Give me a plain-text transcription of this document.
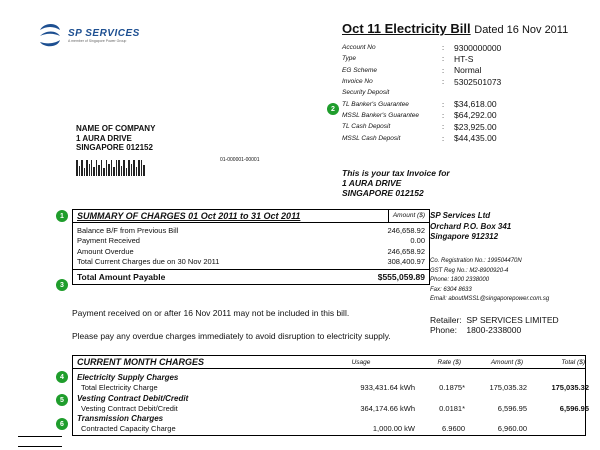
SP SERVICES
A member of Singapore Power Group
Oct 11 Electricity Bill Dated 16 Nov 2011
Account No	:	9300000000
Type	:	HT-S
EG Scheme	:	Normal
Invoice No	:	5302501073
Security Deposit
TL Banker's Guarantee	:	$34,618.00
MSSL Banker's Guarantee	:	$64,292.00
TL Cash Deposit	:	$23,925.00
MSSL Cash Deposit	:	$44,435.00
2
1
3
4
5
6
NAME OF COMPANY
1 AURA DRIVE
SINGAPORE 012152
01-000001-00001
This is your tax Invoice for
1 AURA DRIVE
SINGAPORE 012152
SUMMARY OF CHARGES 01 Oct 2011 to 31 Oct 2011	Amount ($)
Balance B/F from Previous Bill	246,658.92
Payment Received	0.00
Amount Overdue	246,658.92
Total Current Charges due on 30 Nov 2011	308,400.97
Total Amount Payable	$555,059.89
SP Services Ltd
Orchard P.O. Box 341
Singapore 912312
Co. Registration No.: 199504470N
GST Reg No.: M2-8900920-4
Phone: 1800 2338000
Fax: 6304 8633
Email: aboutMSSL@singaporepower.com.sg
Payment received on or after 16 Nov 2011 may not be included in this bill.
Please pay any overdue charges immediately to avoid disruption to electricity supply.
Retailer: SP SERVICES LIMITED
Phone: 1800-2338000
CURRENT MONTH CHARGES	Usage	Rate ($)	Amount ($)	Total ($)
Electricity Supply Charges
Total Electricity Charge	933,431.64 kWh	0.1875*	175,035.32	175,035.32
Vesting Contract Debit/Credit
Vesting Contract Debit/Credit	364,174.66 kWh	0.0181*	6,596.95	6,596.95
Transmission Charges
Contracted Capacity Charge	1,000.00 kW	6.9600	6,960.00
